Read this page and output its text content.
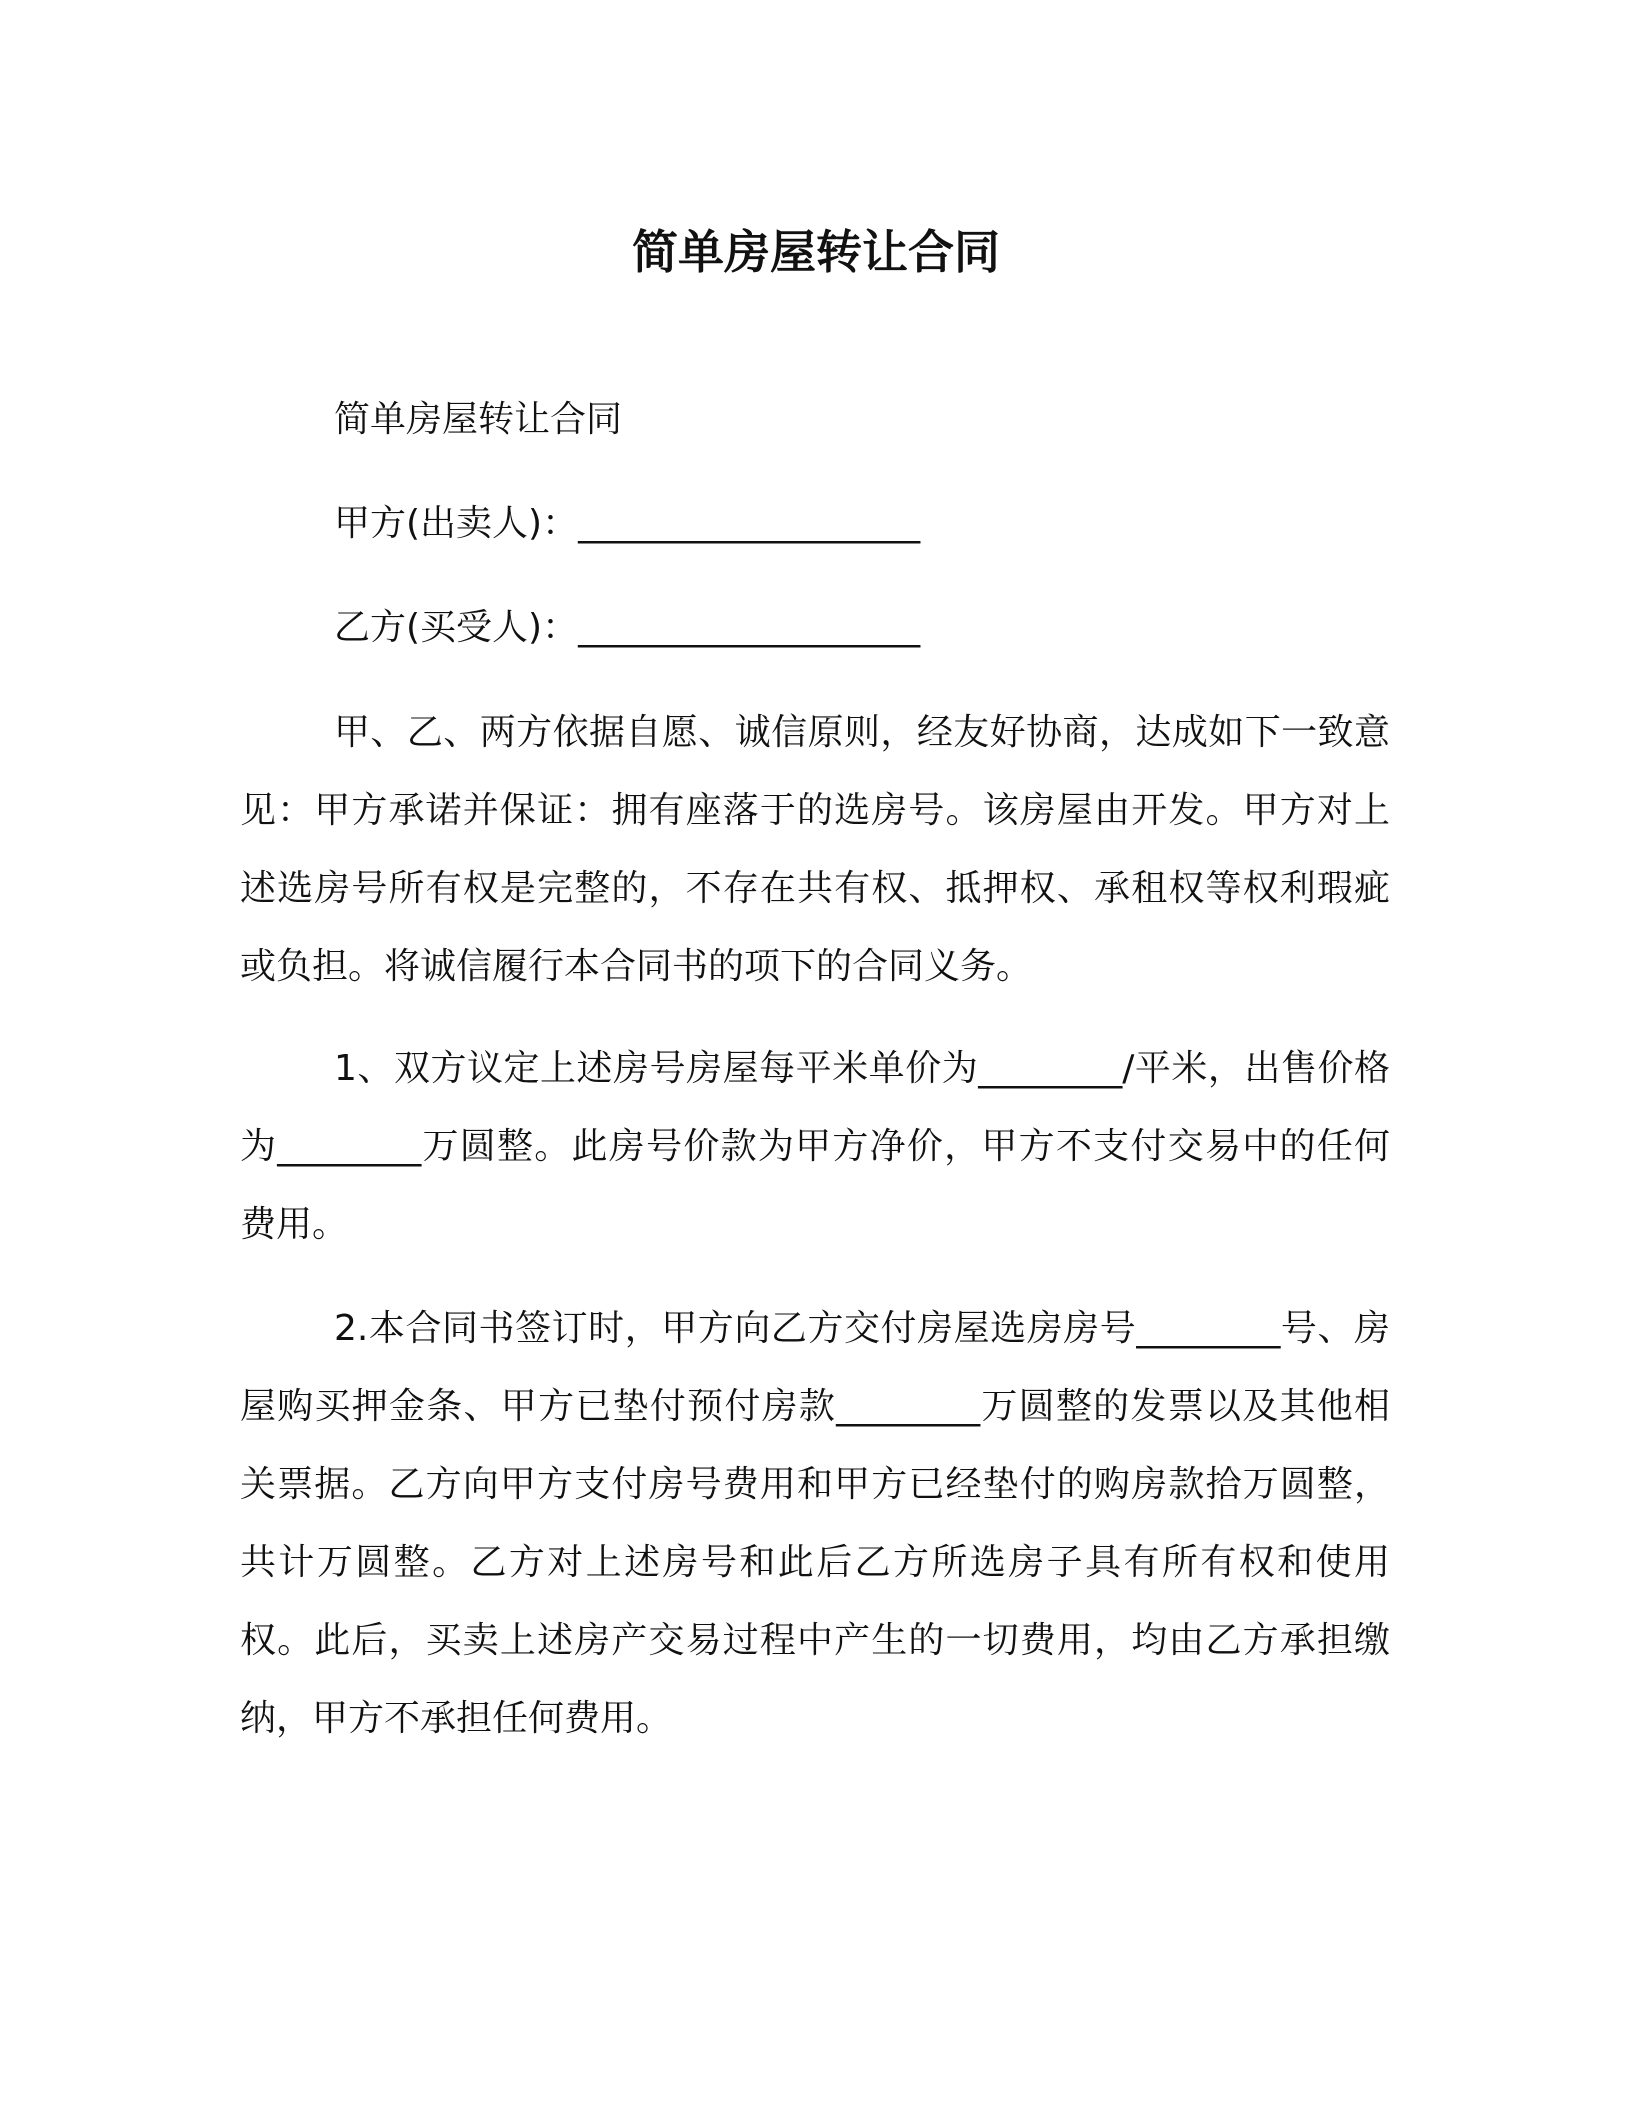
简单房屋转让合同

简单房屋转让合同

甲方(出卖人)：___________________

乙方(买受人)：___________________

甲、乙、两方依据自愿、诚信原则，经友好协商，达成如下一致意见：甲方承诺并保证：拥有座落于的选房号。该房屋由开发。甲方对上述选房号所有权是完整的，不存在共有权、抵押权、承租权等权利瑕疵或负担。将诚信履行本合同书的项下的合同义务。

1、双方议定上述房号房屋每平米单价为________/平米，出售价格为________万圆整。此房号价款为甲方净价，甲方不支付交易中的任何费用。

2.本合同书签订时，甲方向乙方交付房屋选房房号________号、房屋购买押金条、甲方已垫付预付房款________万圆整的发票以及其他相关票据。乙方向甲方支付房号费用和甲方已经垫付的购房款拾万圆整，共计万圆整。乙方对上述房号和此后乙方所选房子具有所有权和使用权。此后，买卖上述房产交易过程中产生的一切费用，均由乙方承担缴纳，甲方不承担任何费用。
